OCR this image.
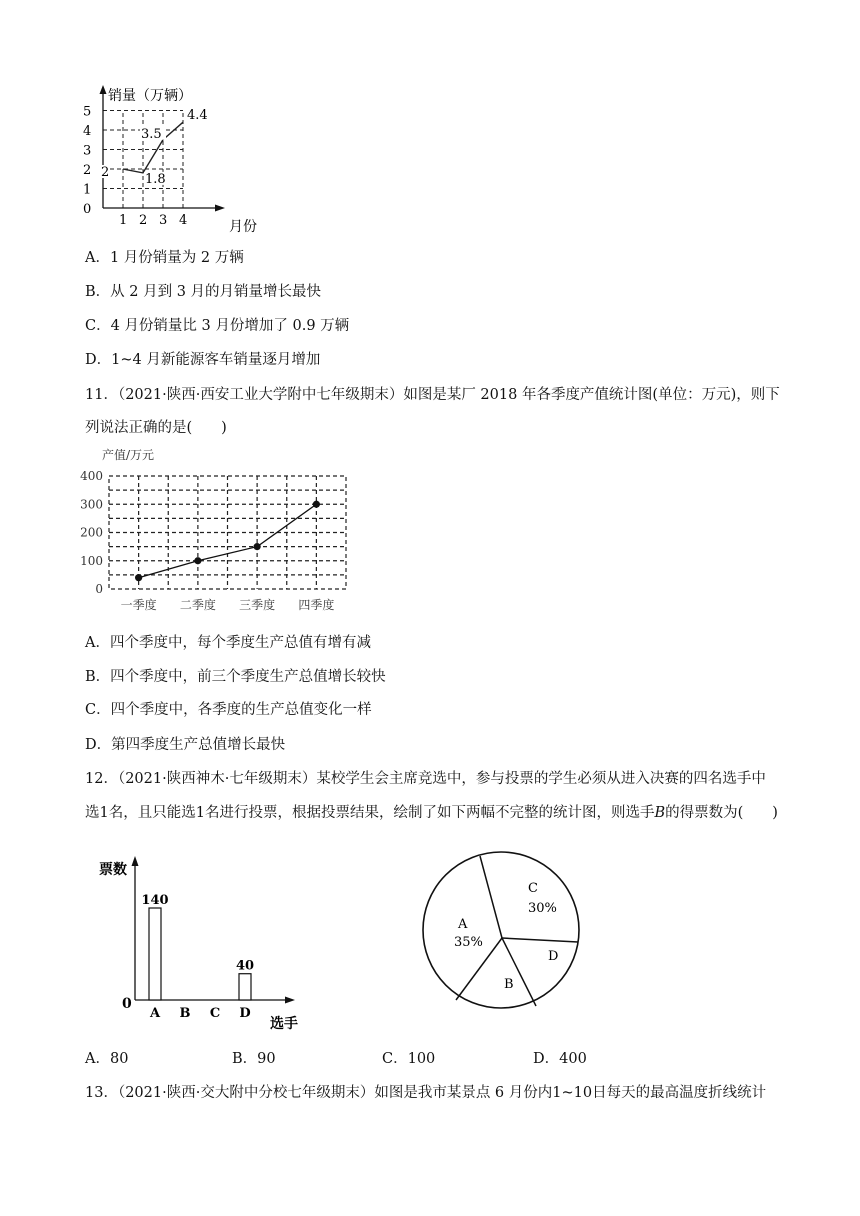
0
1
2
3
4
5
1 2 3 4
2	1.8
3.5
4.4
销量（万辆）
月份
A．1 月份销量为 2 万辆
B．从 2 月到 3 月的月销量增长最快
C．4 月份销量比 3 月份增加了 0.9 万辆
D．1~4 月新能源客车销量逐月增加
11．（2021·陕西·西安工业大学附中七年级期末）如图是某厂 2018 年各季度产值统计图(单位：万元)，则下
列说法正确的是(　　)
0
100
200
300
400
一季度 二季度 三季度 四季度
产值/万元
A．四个季度中，每个季度生产总值有增有减
B．四个季度中，前三个季度生产总值增长较快
C．四个季度中，各季度的生产总值变化一样
D．第四季度生产总值增长最快
12．（2021·陕西神木·七年级期末）某校学生会主席竞选中，参与投票的学生必须从进入决赛的四名选手中
选1名，且只能选1名进行投票，根据投票结果，绘制了如下两幅不完整的统计图，则选手B的得票数为(　　)
140
40
A B C D
票数
选手
0
C
30%
D
B
A
35%
A．80	B．90	C．100	D．400
13．（2021·陕西·交大附中分校七年级期末）如图是我市某景点 6 月份内1~10日每天的最高温度折线统计
